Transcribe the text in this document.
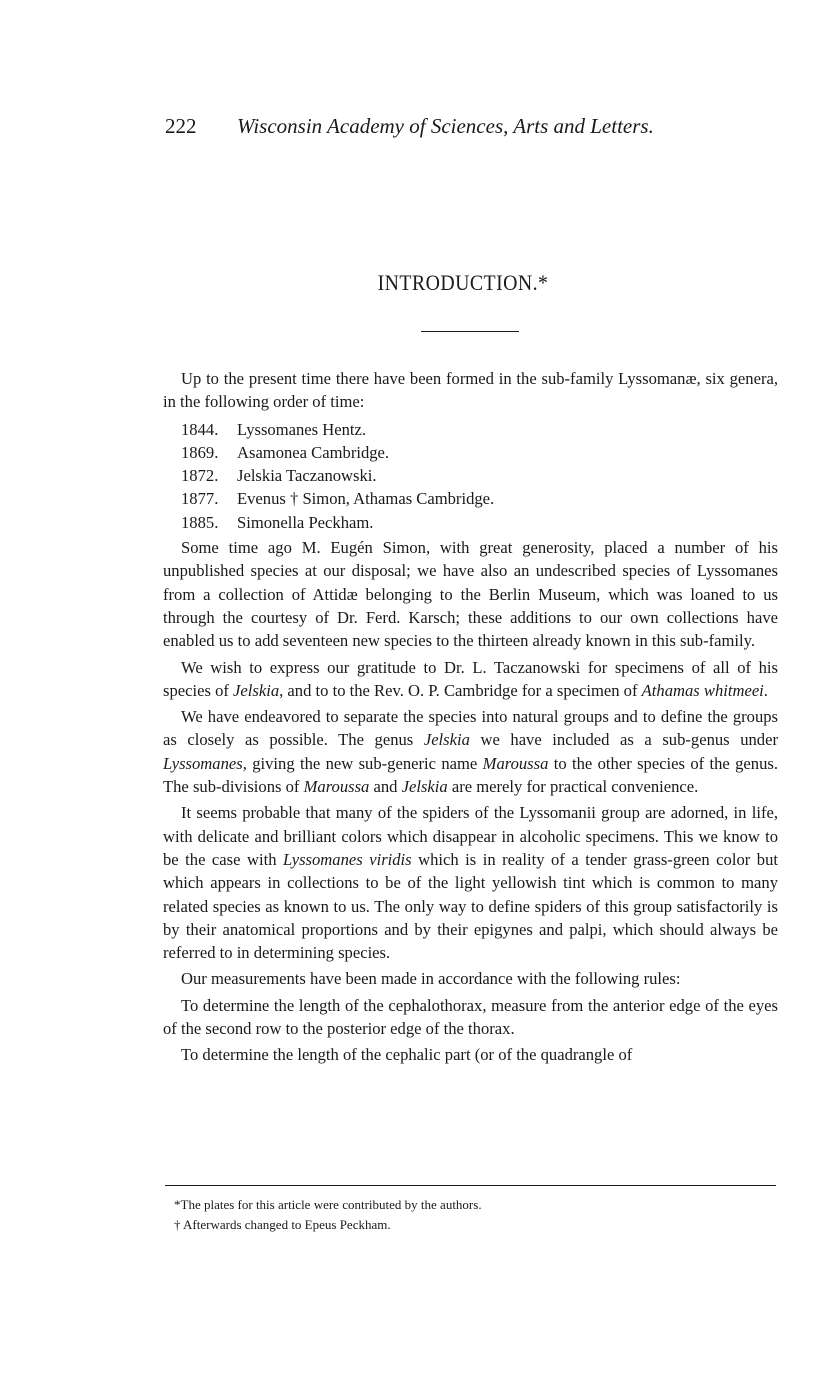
222 Wisconsin Academy of Sciences, Arts and Letters.
INTRODUCTION.*

Up to the present time there have been formed in the sub-family Lyssomanæ, six genera, in the following order of time:

1844. Lyssomanes Hentz.
1869. Asamonea Cambridge.
1872. Jelskia Taczanowski.
1877. Evenus † Simon, Athamas Cambridge.
1885. Simonella Peckham.

Some time ago M. Eugén Simon, with great generosity, placed a number of his unpublished species at our disposal; we have also an undescribed species of Lyssomanes from a collection of Attidæ belonging to the Berlin Museum, which was loaned to us through the courtesy of Dr. Ferd. Karsch; these additions to our own collections have enabled us to add seventeen new species to the thirteen already known in this sub-family.

We wish to express our gratitude to Dr. L. Taczanowski for specimens of all of his species of Jelskia, and to to the Rev. O. P. Cambridge for a specimen of Athamas whitmeei.

We have endeavored to separate the species into natural groups and to define the groups as closely as possible. The genus Jelskia we have included as a sub-genus under Lyssomanes, giving the new sub-generic name Maroussa to the other species of the genus. The sub-divisions of Maroussa and Jelskia are merely for practical convenience.

It seems probable that many of the spiders of the Lyssomanii group are adorned, in life, with delicate and brilliant colors which disappear in alcoholic specimens. This we know to be the case with Lyssomanes viridis which is in reality of a tender grass-green color but which appears in collections to be of the light yellowish tint which is common to many related species as known to us. The only way to define spiders of this group satisfactorily is by their anatomical proportions and by their epigynes and palpi, which should always be referred to in determining species.

Our measurements have been made in accordance with the following rules:

To determine the length of the cephalothorax, measure from the anterior edge of the eyes of the second row to the posterior edge of the thorax.

To determine the length of the cephalic part (or of the quadrangle of

*The plates for this article were contributed by the authors.
† Afterwards changed to Epeus Peckham.
